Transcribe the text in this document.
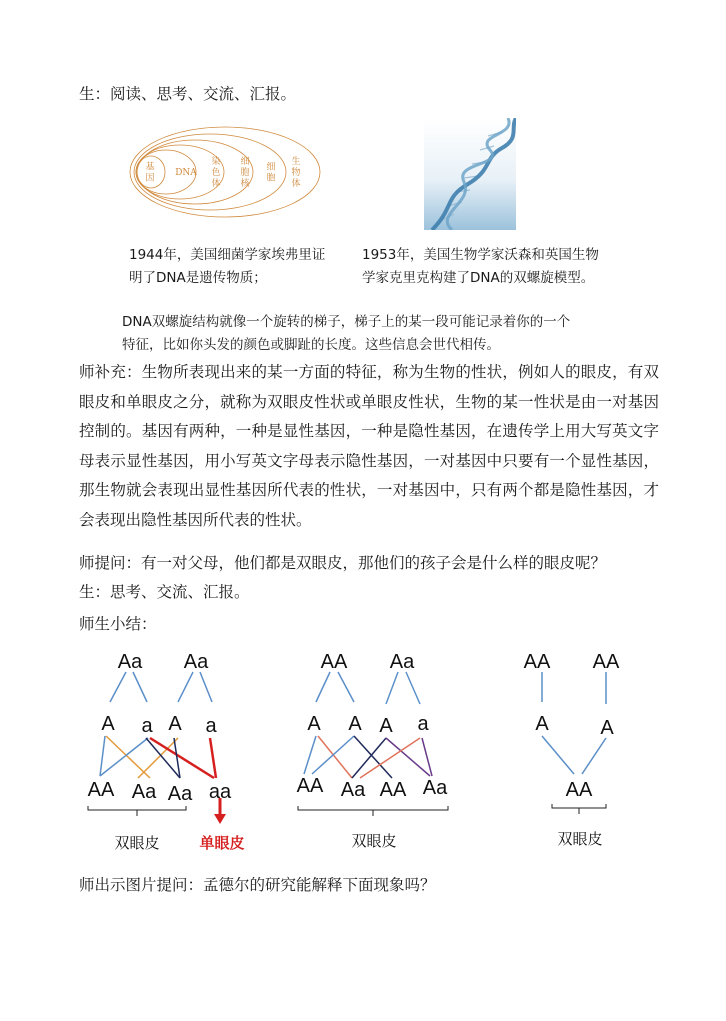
生：阅读、思考、交流、汇报。
基因
DNA
染色体
细胞核
细胞
生物体
1944年，美国细菌学家埃弗里证
明了DNA是遗传物质；
1953年，美国生物学家沃森和英国生物
学家克里克构建了DNA的双螺旋模型。
DNA双螺旋结构就像一个旋转的梯子，梯子上的某一段可能记录着你的一个
特征，比如你头发的颜色或脚趾的长度。这些信息会世代相传。
师补充：生物所表现出来的某一方面的特征，称为生物的性状，例如人的眼皮，有双眼皮和单眼皮之分，就称为双眼皮性状或单眼皮性状，生物的某一性状是由一对基因控制的。基因有两种，一种是显性基因，一种是隐性基因，在遗传学上用大写英文字母表示显性基因，用小写英文字母表示隐性基因，一对基因中只要有一个显性基因，那生物就会表现出显性基因所代表的性状，一对基因中，只有两个都是隐性基因，才会表现出隐性基因所代表的性状。
师提问：有一对父母，他们都是双眼皮，那他们的孩子会是什么样的眼皮呢？
生：思考、交流、汇报。
师生小结：
Aa Aa
A a A a
AA Aa Aa aa
双眼皮	单眼皮
AA Aa
A A A a
AA Aa AA Aa
双眼皮
AA AA
A	A
AA
双眼皮
师出示图片提问：孟德尔的研究能解释下面现象吗？
